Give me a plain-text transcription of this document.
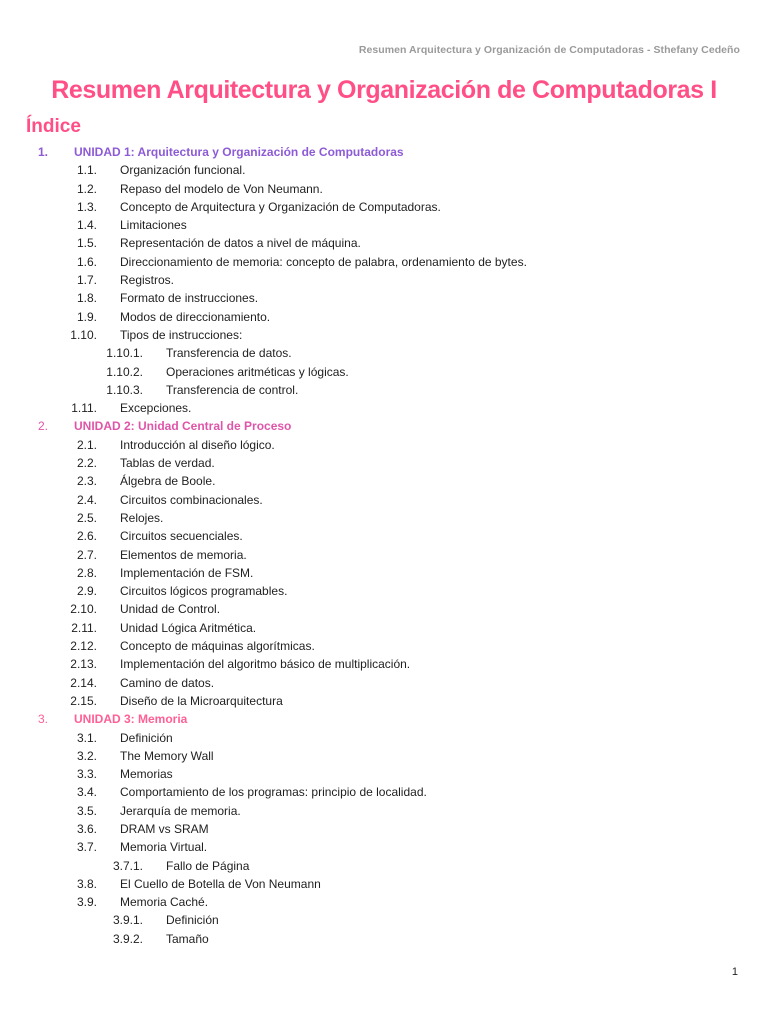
Resumen Arquitectura y Organización de Computadoras - Sthefany Cedeño
Resumen Arquitectura y Organización de Computadoras I
Índice
1. UNIDAD 1: Arquitectura y Organización de Computadoras
1.1. Organización funcional.
1.2. Repaso del modelo de Von Neumann.
1.3. Concepto de Arquitectura y Organización de Computadoras.
1.4. Limitaciones
1.5. Representación de datos a nivel de máquina.
1.6. Direccionamiento de memoria: concepto de palabra, ordenamiento de bytes.
1.7. Registros.
1.8. Formato de instrucciones.
1.9. Modos de direccionamiento.
1.10. Tipos de instrucciones:
1.10.1. Transferencia de datos.
1.10.2. Operaciones aritméticas y lógicas.
1.10.3. Transferencia de control.
1.11. Excepciones.
2. UNIDAD 2: Unidad Central de Proceso
2.1. Introducción al diseño lógico.
2.2. Tablas de verdad.
2.3. Álgebra de Boole.
2.4. Circuitos combinacionales.
2.5. Relojes.
2.6. Circuitos secuenciales.
2.7. Elementos de memoria.
2.8. Implementación de FSM.
2.9. Circuitos lógicos programables.
2.10. Unidad de Control.
2.11. Unidad Lógica Aritmética.
2.12. Concepto de máquinas algorítmicas.
2.13. Implementación del algoritmo básico de multiplicación.
2.14. Camino de datos.
2.15. Diseño de la Microarquitectura
3. UNIDAD 3: Memoria
3.1. Definición
3.2. The Memory Wall
3.3. Memorias
3.4. Comportamiento de los programas: principio de localidad.
3.5. Jerarquía de memoria.
3.6. DRAM vs SRAM
3.7. Memoria Virtual.
3.7.1. Fallo de Página
3.8. El Cuello de Botella de Von Neumann
3.9. Memoria Caché.
3.9.1. Definición
3.9.2. Tamaño
1
